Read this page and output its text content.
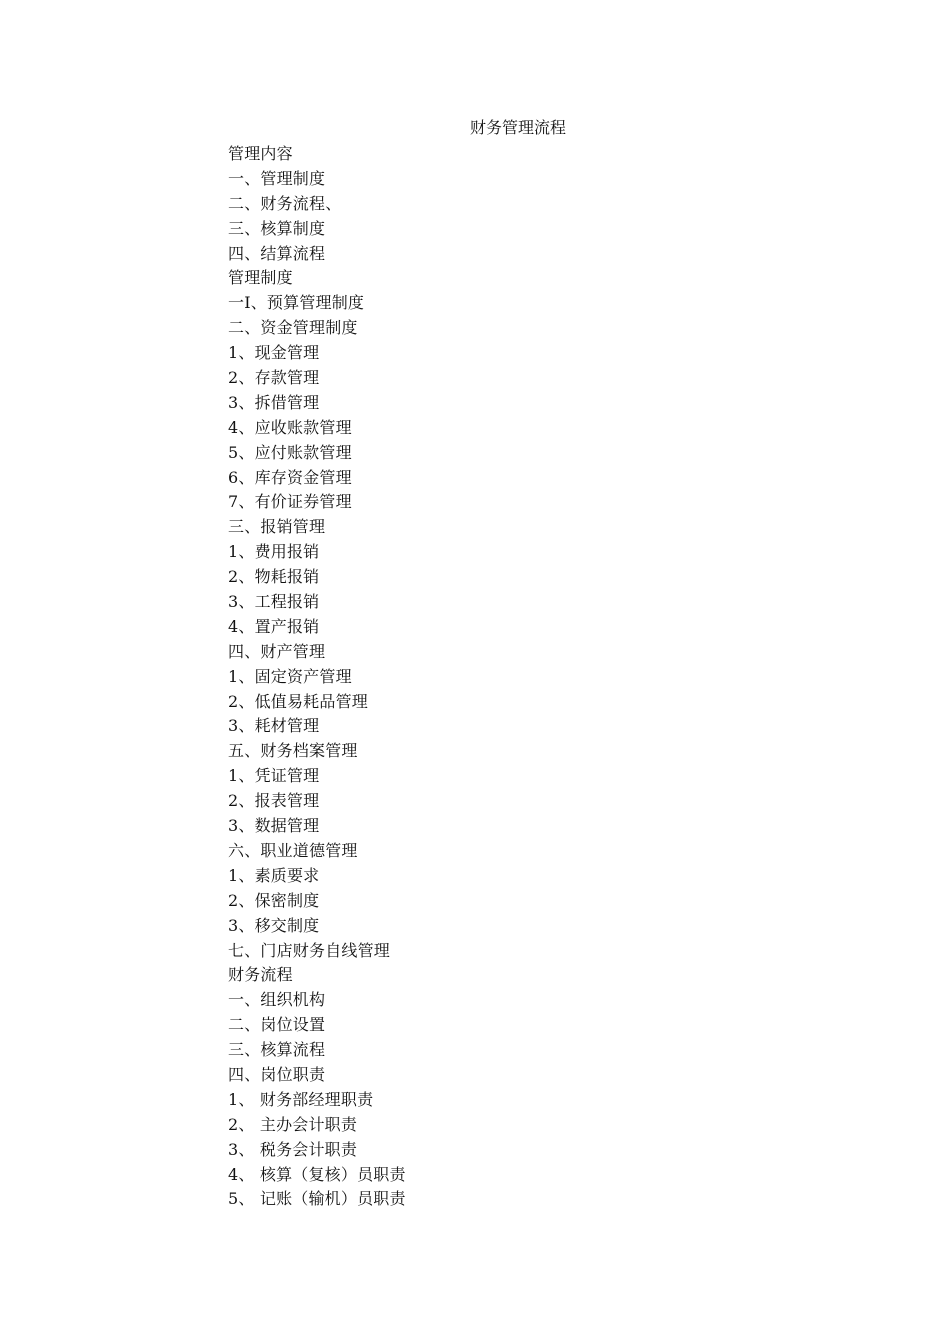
财务管理流程
管理内容
一、管理制度
二、财务流程、
三、核算制度
四、结算流程
管理制度
一I、预算管理制度
二、资金管理制度
1、现金管理
2、存款管理
3、拆借管理
4、应收账款管理
5、应付账款管理
6、库存资金管理
7、有价证券管理
三、报销管理
1、费用报销
2、物耗报销
3、工程报销
4、置产报销
四、财产管理
1、固定资产管理
2、低值易耗品管理
3、耗材管理
五、财务档案管理
1、凭证管理
2、报表管理
3、数据管理
六、职业道德管理
1、素质要求
2、保密制度
3、移交制度
七、门店财务自线管理
财务流程
一、组织机构
二、岗位设置
三、核算流程
四、岗位职责
1、 财务部经理职责
2、 主办会计职责
3、 税务会计职责
4、 核算（复核）员职责
5、 记账（输机）员职责
